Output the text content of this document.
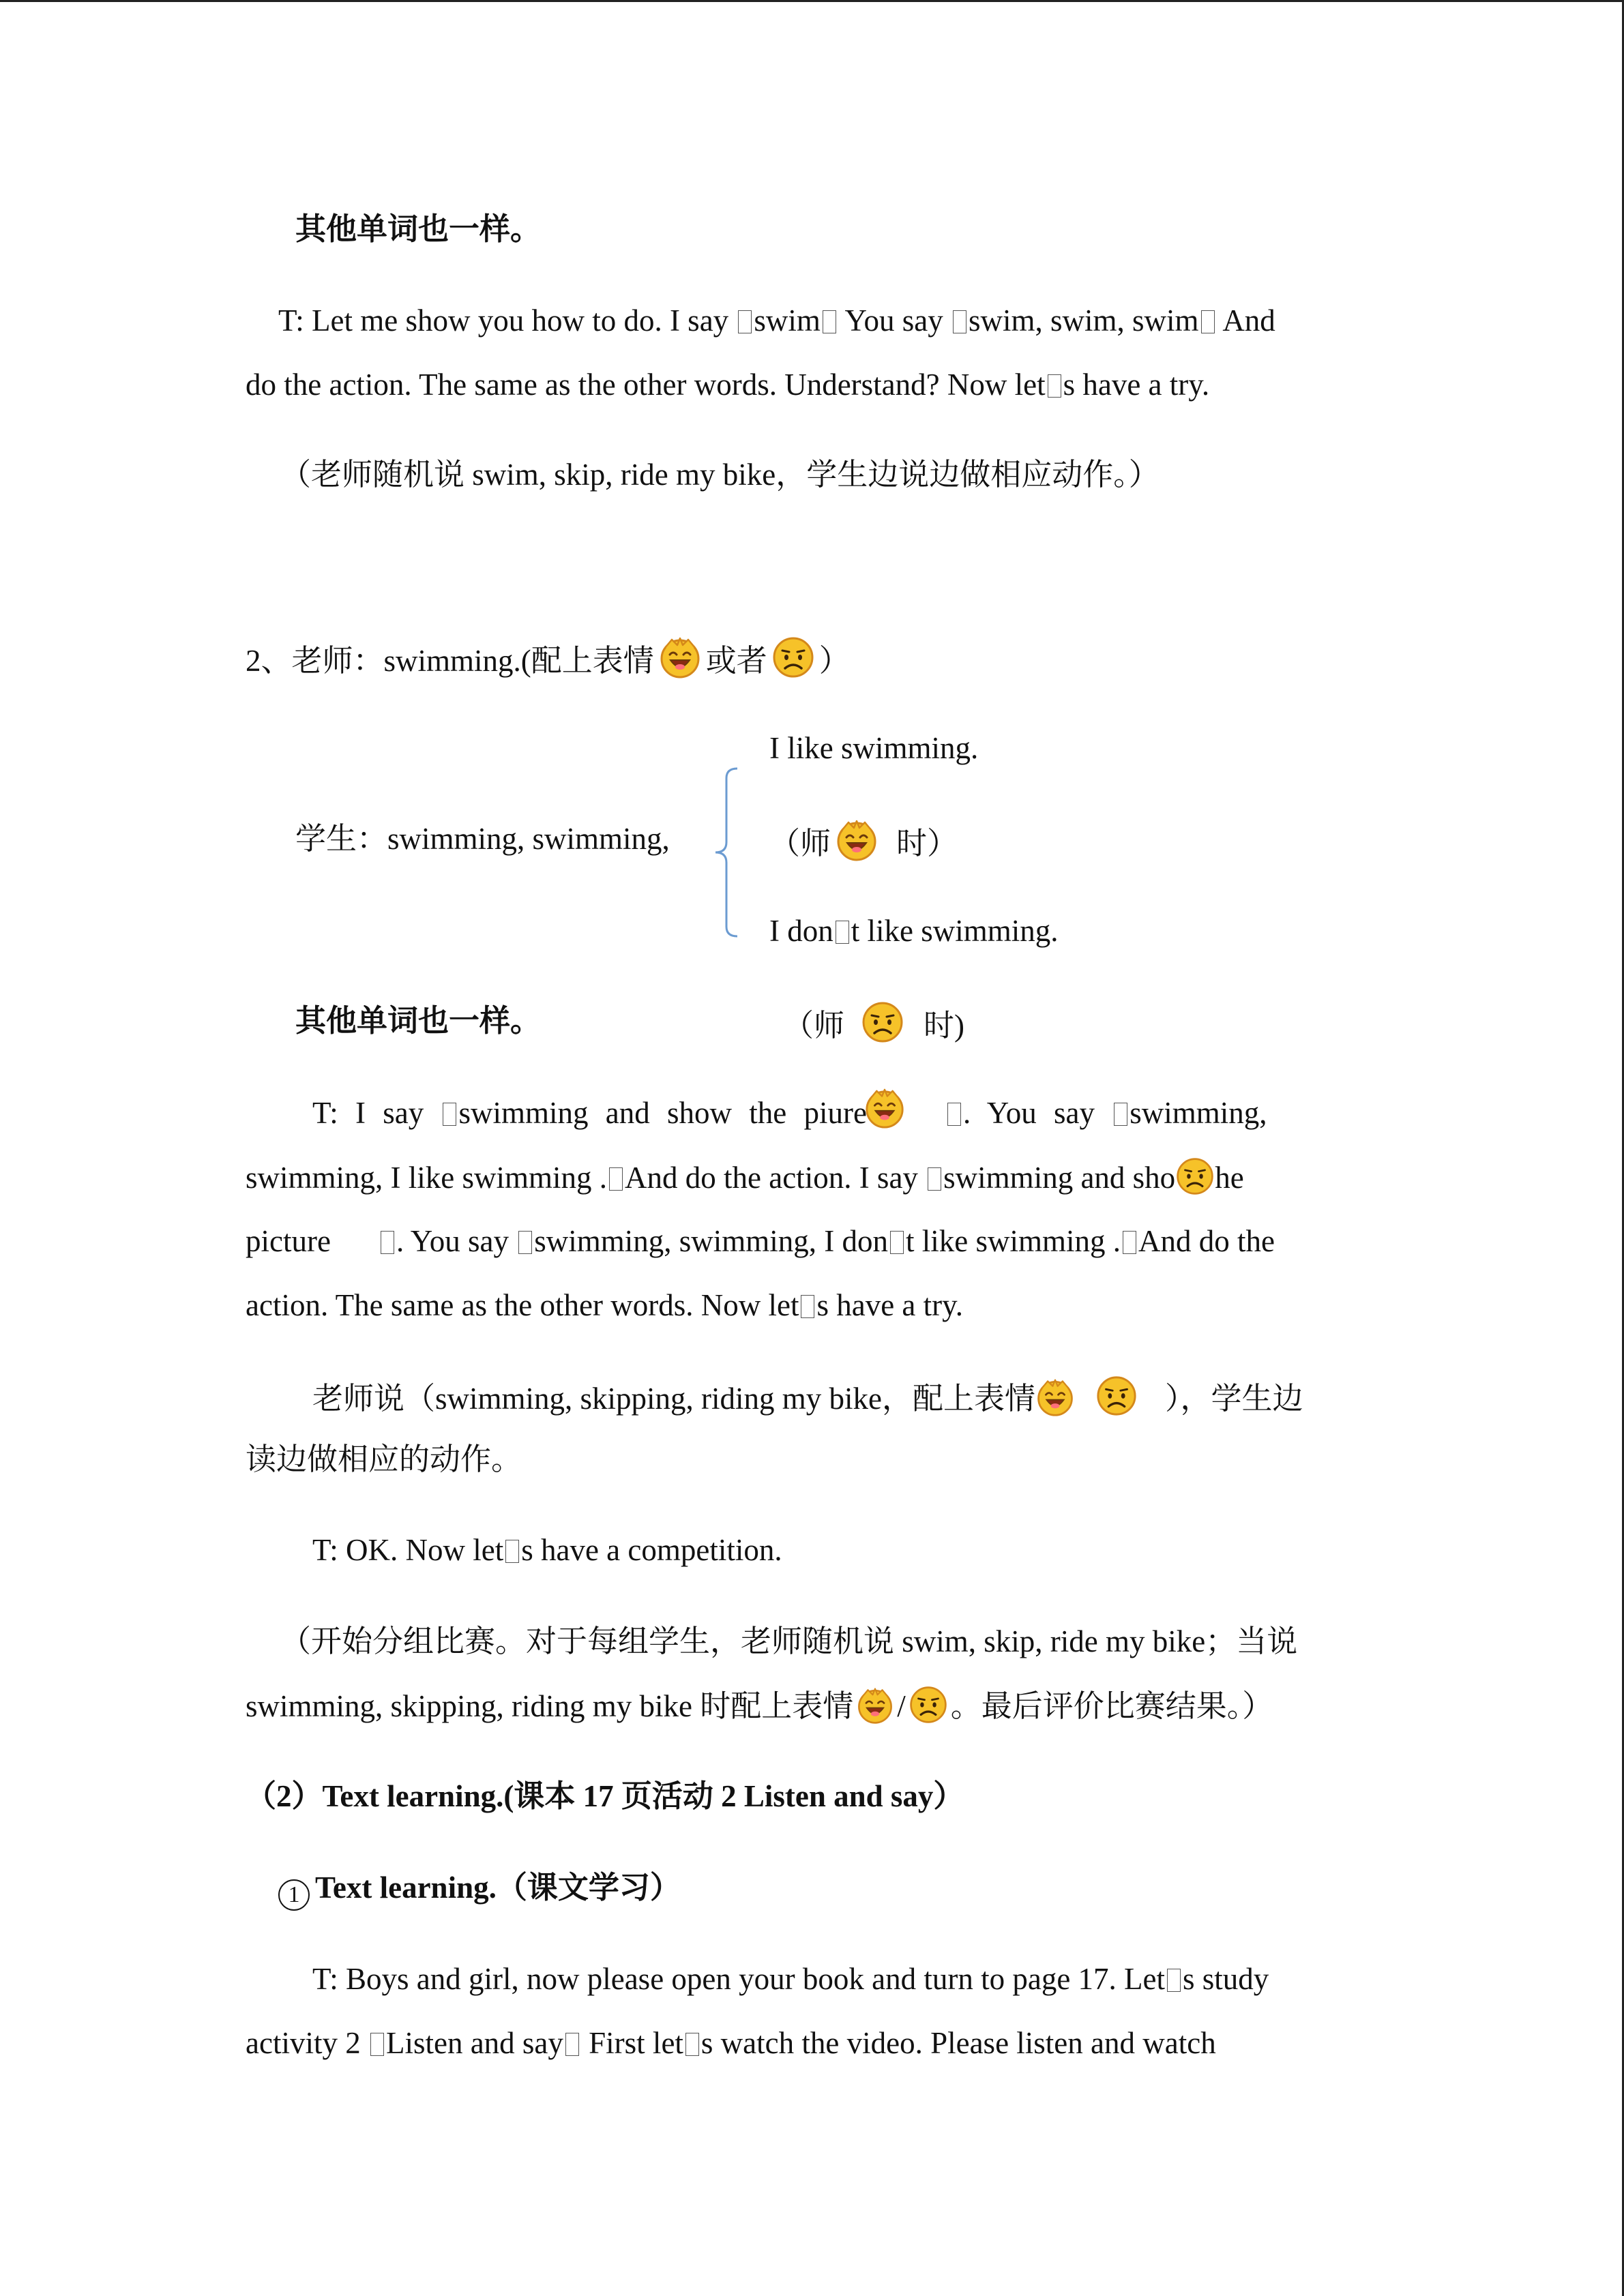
其他单词也一样。
T: Let me show you how to do. I say swim You say swim, swim, swim And
do the action. The same as the other words. Understand? Now let s have a try.
（老师随机说 swim, skip, ride my bike，学生边说边做相应动作。）
2、老师：swimming.(配上表情 或者 ）
I like swimming.
学生：swimming, swimming,	（师 时）
I don t like swimming.
其他单词也一样。	（师	时)
T: I say swimming and show the pi
ure	. You say swimming,
swimming, I like swimming . And do the action. I say swimming and sho he
picture . You say swimming, swimming, I don t like swimming . And do the
action. The same as the other words. Now let s have a try.
老师说（swimming, skipping, riding my bike，配上表情	），学生边
读边做相应的动作。
T: OK. Now let s have a competition.
（开始分组比赛。对于每组学生，老师随机说 swim, skip, ride my bike；当说
swimming, skipping, riding my bike 时配上表情 / 。最后评价比赛结果。）
（2）Text learning.(课本 17 页活动 2 Listen and say）
1 Text learning.（课文学习）
T: Boys and girl, now please open your book and turn to page 17. Let s study
activity 2 Listen and say First let s watch the video. Please listen and watch
